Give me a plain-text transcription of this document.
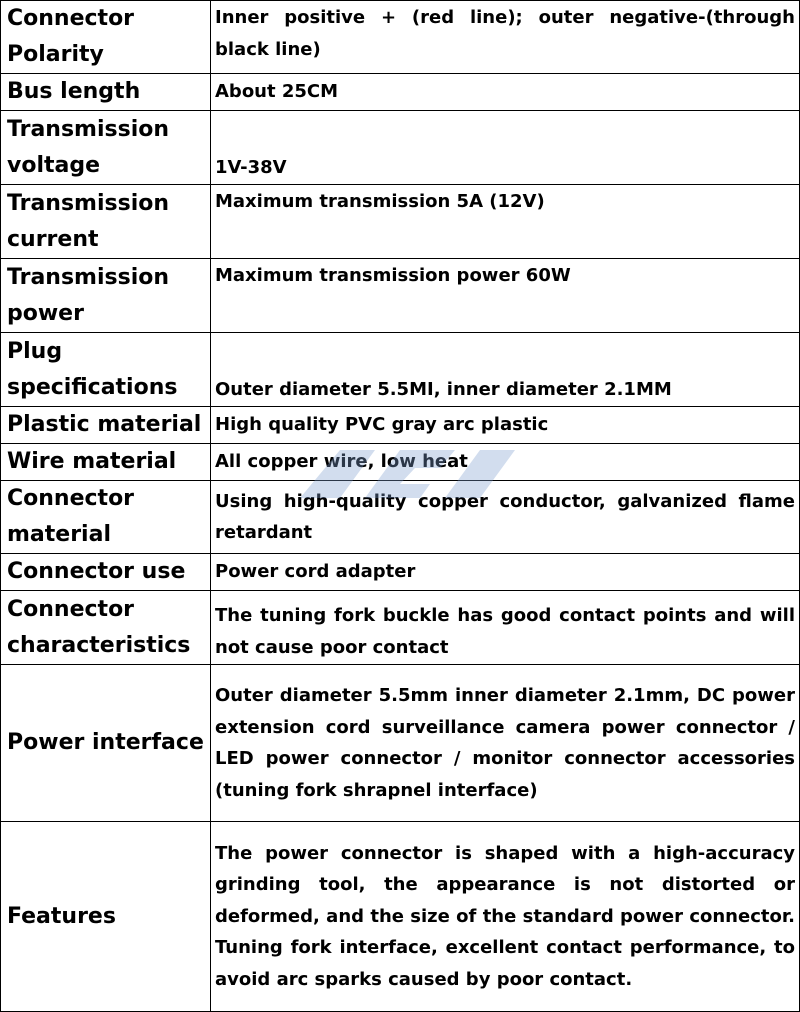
Connector Polarity	Inner positive + (red line); outer negative-(through black line)
Bus length	About 25CM
Transmission voltage	1V-38V
Transmission current	Maximum transmission 5A (12V)
Transmission power	Maximum transmission power 60W
Plug specifications	Outer diameter 5.5MI, inner diameter 2.1MM
Plastic material	High quality PVC gray arc plastic
Wire material	All copper wire, low heat
Connector material	Using high-quality copper conductor, galvanized flame retardant
Connector use	Power cord adapter
Connector characteristics	The tuning fork buckle has good contact points and will not cause poor contact
Power interface	Outer diameter 5.5mm inner diameter 2.1mm, DC power extension cord surveillance camera power connector / LED power connector / monitor connector accessories (tuning fork shrapnel interface)
Features	The power connector is shaped with a high-accuracy grinding tool, the appearance is not distorted or deformed, and the size of the standard power connector. Tuning fork interface, excellent contact performance, to avoid arc sparks caused by poor contact.
